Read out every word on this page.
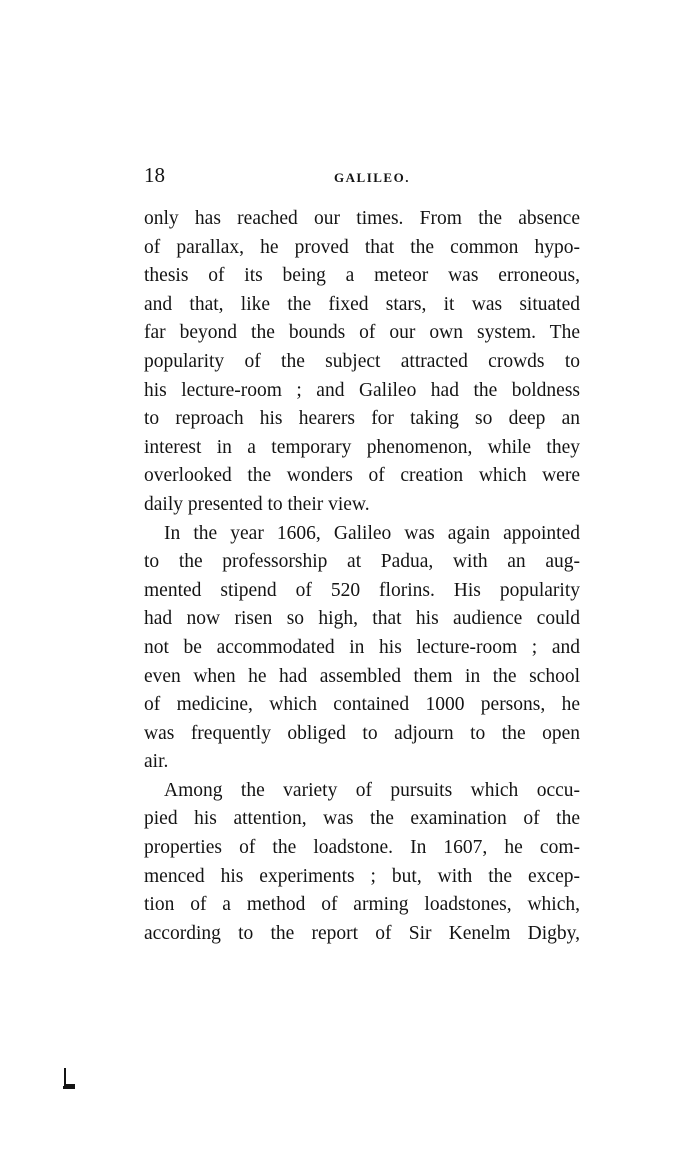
18	GALILEO.
only has reached our times. From the absence
of parallax, he proved that the common hypo-
thesis of its being a meteor was erroneous,
and that, like the fixed stars, it was situated
far beyond the bounds of our own system. The
popularity of the subject attracted crowds to
his lecture-room ; and Galileo had the boldness
to reproach his hearers for taking so deep an
interest in a temporary phenomenon, while they
overlooked the wonders of creation which were
daily presented to their view.
In the year 1606, Galileo was again appointed
to the professorship at Padua, with an aug-
mented stipend of 520 florins. His popularity
had now risen so high, that his audience could
not be accommodated in his lecture-room ; and
even when he had assembled them in the school
of medicine, which contained 1000 persons, he
was frequently obliged to adjourn to the open
air.
Among the variety of pursuits which occu-
pied his attention, was the examination of the
properties of the loadstone. In 1607, he com-
menced his experiments ; but, with the excep-
tion of a method of arming loadstones, which,
according to the report of Sir Kenelm Digby,
